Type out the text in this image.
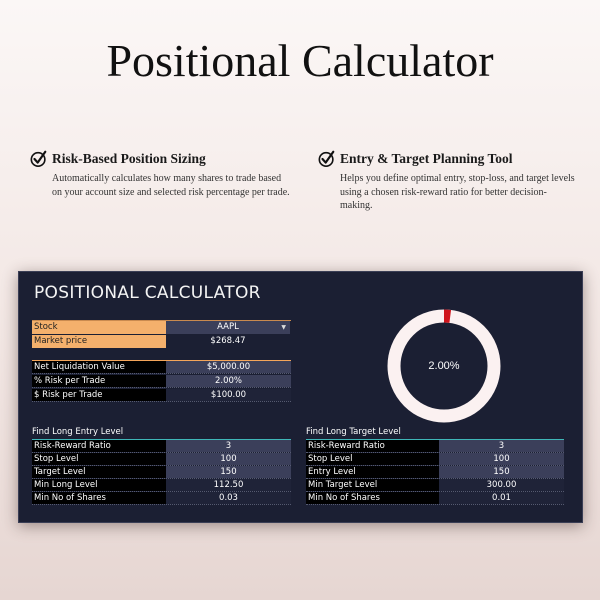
Positional Calculator
Risk-Based Position Sizing
Automatically calculates how many shares to trade based on your account size and selected risk percentage per trade.
Entry & Target Planning Tool
Helps you define optimal entry, stop-loss, and target levels using a chosen risk-reward ratio for better decision-making.
POSITIONAL CALCULATOR
Stock	AAPL	▼
Market price	$268.47
Net Liquidation Value	$5,000.00
% Risk per Trade	2.00%
$ Risk per Trade	$100.00
2.00%
Find Long Entry Level
Risk-Reward Ratio	3
Stop Level	100
Target Level	150
Min Long Level	112.50
Min No of Shares	0.03
Find Long Target Level
Risk-Reward Ratio	3
Stop Level	100
Entry Level	150
Min Target Level	300.00
Min No of Shares	0.01
